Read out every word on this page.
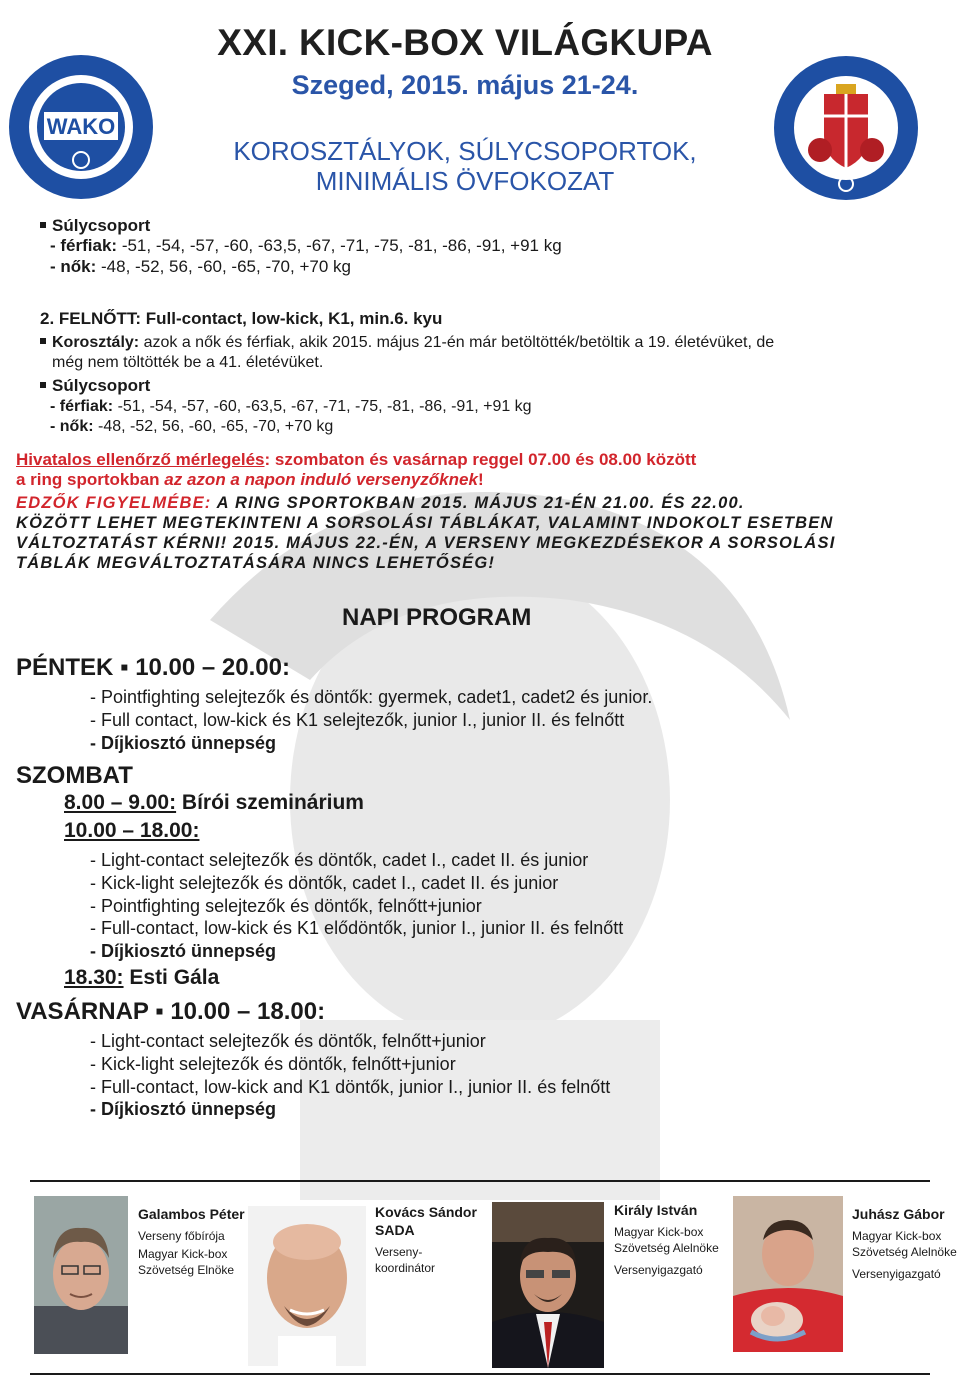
WAKO
XXI. KICK-BOX VILÁGKUPA
Szeged, 2015. május 21-24.
KOROSZTÁLYOK, SÚLYCSOPORTOK,
MINIMÁLIS ÖVFOKOZAT
Súlycsoport
- férfiak: -51, -54, -57, -60, -63,5, -67, -71, -75, -81, -86, -91, +91 kg
- nők: -48, -52, 56, -60, -65, -70, +70 kg
2. FELNŐTT: Full-contact, low-kick, K1, min.6. kyu
Korosztály: azok a nők és férfiak, akik 2015. május 21-én már betöltötték/betöltik a 19. életévüket, de
még nem töltötték be a 41. életévüket.
Súlycsoport
- férfiak: -51, -54, -57, -60, -63,5, -67, -71, -75, -81, -86, -91, +91 kg
- nők: -48, -52, 56, -60, -65, -70, +70 kg
Hivatalos ellenőrző mérlegelés: szombaton és vasárnap reggel 07.00 és 08.00 között
a ring sportokban az azon a napon induló versenyzőknek!
EDZŐK FIGYELMÉBE: A RING SPORTOKBAN 2015. MÁJUS 21-ÉN 21.00. ÉS 22.00.
KÖZÖTT LEHET MEGTEKINTENI A SORSOLÁSI TÁBLÁKAT, VALAMINT INDOKOLT ESETBEN
VÁLTOZTATÁST KÉRNI! 2015. MÁJUS 22.-ÉN, A VERSENY MEGKEZDÉSEKOR A SORSOLÁSI
TÁBLÁK MEGVÁLTOZTATÁSÁRA NINCS LEHETŐSÉG!
NAPI PROGRAM
PÉNTEK ▪ 10.00 – 20.00:
- Pointfighting selejtezők és döntők: gyermek, cadet1, cadet2 és junior.
- Full contact, low-kick és K1 selejtezők, junior I., junior II. és felnőtt
- Díjkiosztó ünnepség
SZOMBAT
8.00 – 9.00: Bírói szeminárium
10.00 – 18.00:
- Light-contact selejtezők és döntők, cadet I., cadet II. és junior
- Kick-light selejtezők és döntők, cadet I., cadet II. és junior
- Pointfighting selejtezők és döntők, felnőtt+junior
- Full-contact, low-kick és K1 elődöntők, junior I., junior II. és felnőtt
- Díjkiosztó ünnepség
18.30: Esti Gála
VASÁRNAP ▪ 10.00 – 18.00:
- Light-contact selejtezők és döntők, felnőtt+junior
- Kick-light selejtezők és döntők, felnőtt+junior
- Full-contact, low-kick and K1 döntők, junior I., junior II. és felnőtt
- Díjkiosztó ünnepség
Galambos Péter
Verseny főbírója
Magyar Kick-box
Szövetség Elnöke
Kovács Sándor
SADA
Verseny-
koordinátor
Király István
Magyar Kick-box
Szövetség Alelnöke
Versenyigazgató
Juhász Gábor
Magyar Kick-box
Szövetség Alelnöke
Versenyigazgató
